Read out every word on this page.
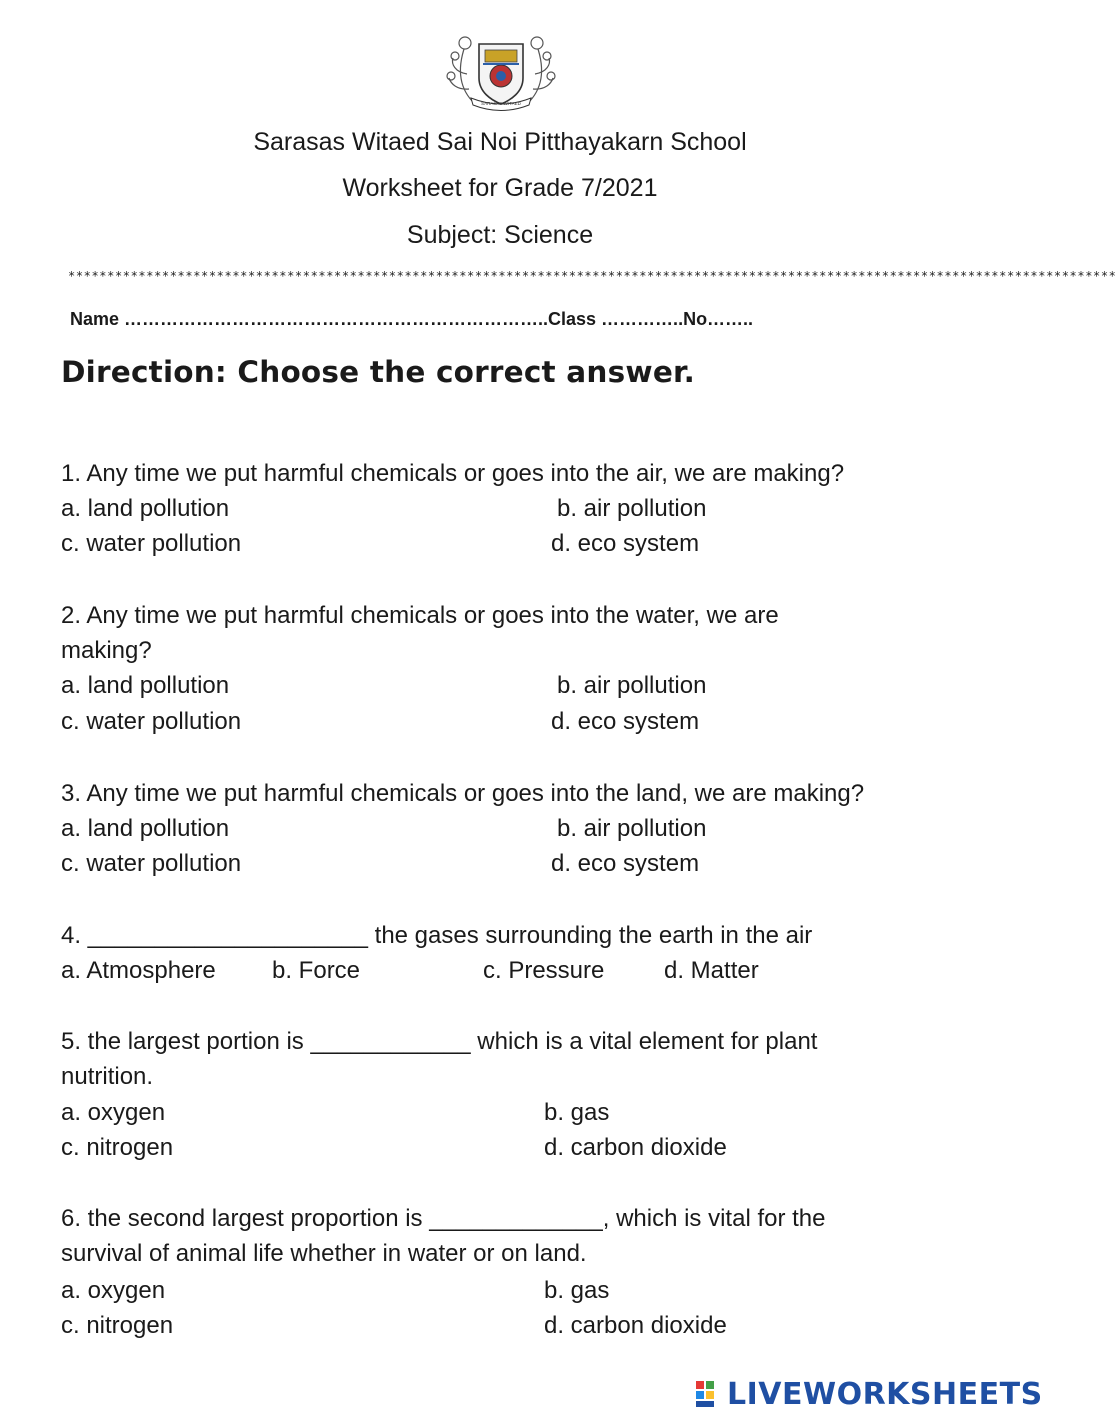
SARASAS WITAED
Sarasas Witaed Sai Noi Pitthayakarn School
Worksheet for Grade 7/2021
Subject: Science
**************************************************************************************************************************************
Name ……………………………………………………………..Class …………..No……..
Direction: Choose the correct answer.
1. Any time we put harmful chemicals or goes into the air, we are making?
a. land pollution	b. air pollution
c. water pollution	d. eco system
2. Any time we put harmful chemicals or goes into the water, we are
making?
a. land pollution	b. air pollution
c. water pollution	d. eco system
3. Any time we put harmful chemicals or goes into the land, we are making?
a. land pollution	b. air pollution
c. water pollution	d. eco system
4. _____________________ the gases surrounding the earth in the air
a. Atmosphere b. Force	c. Pressure d. Matter
5. the largest portion is ____________ which is a vital element for plant
nutrition.
a. oxygen	b. gas
c. nitrogen	d. carbon dioxide
6. the second largest proportion is _____________, which is vital for the
survival of animal life whether in water or on land.
a. oxygen	b. gas
c. nitrogen	d. carbon dioxide
LIVEWORKSHEETS
